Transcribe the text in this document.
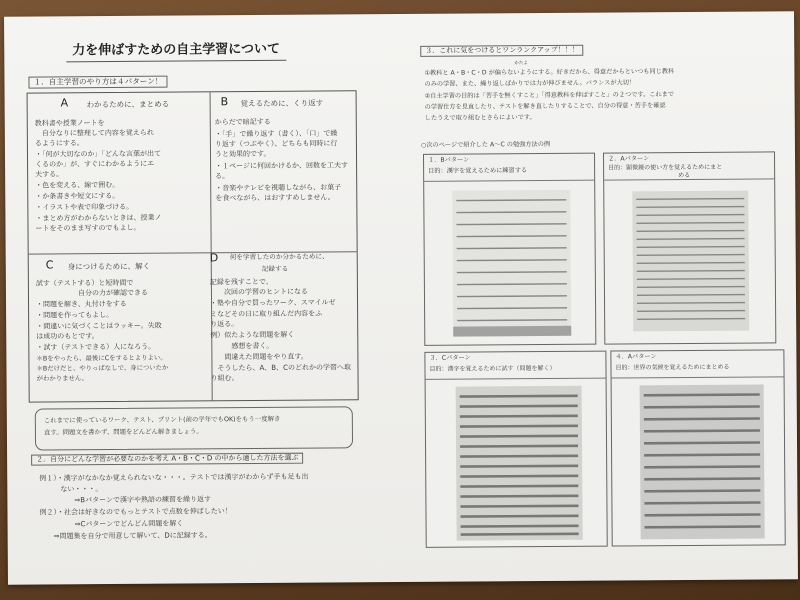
力を伸ばすための自主学習について
１．自主学習のやり方は４パターン！
A わかるために、まとめる
教科書や授業ノートを
　自分なりに整理して内容を覚えられ
るようにする。
・「何が大切なのか」「どんな言葉が出て
くるのか」が、すぐにわかるようにエ
夫する。
・色を変える、線で囲む。
・か条書きや短文にする。
・イラストや表で印象づける。
・まとめ方がわからないときは、授業ノ
ートをそのまま写すのでもよし。
B 覚えるために、くり返す
からだで暗記する
・「手」で繰り返す（書く）、「口」で繰
り返す（つぶやく）、どちらも同時に行
うと効果的です。
・１ページに何回かけるか、回数を工夫す
る。
・音楽やテレビを視聴しながら、お菓子
を食べながら、はおすすめしません。
C 身につけるために、解く
試す（テストする）と短時間で
　　　　　　自分の力が確認できる
・問題を解き、丸付けをする
・問題を作ってもよし。
・間違いに気づくことはラッキー。失敗
は成功のもとです。
・試す（テストできる）人になろう。
＊Bをやったら、最後にCをするとよりよい。
＊Bだけだと、やりっぱなしで、身についたか
がわかりません。
D 何を学習したのか分かるために、
記録する
記録を残すことで、
　　次回の学習のヒントになる
・塾や自分で買ったワーク、スマイルゼ
ミなどその日に取り組んだ内容をふ
り返る。
例）似たような問題を解く
　　　感想を書く。
　　間違えた問題をやり直す。
　そうしたら、A、B、Cのどれかの学習へ取
り組む。
これまでに使っているワーク、テスト、プリント(前の学年でもOK)をもう一度解き
直す。問題文を書かず、問題をどんどん解きましょう。
２．自分にどんな学習が必要なのかを考え A・B・C・D の中から適した方法を選ぶ
例１）・漢字がなかなか覚えられないな・・・。テストでは漢字がわからず手も足も出
　　　ない・・・。
　　　　　⇒Bパターンで漢字や熟語の練習を繰り返す
例２）・社会は好きなのでもっとテストで点数を伸ばしたい！
　　　　　⇒Cパターンでどんどん問題を解く
　　⇒問題集を自分で用意して解いて、Dに記録する。
３．これに気をつけるとワンランクアップ！！！
かたよ
①教科と A・B・C・D が偏らないようにする。好きだから、得意だからといつも同じ教科
のみの学習、また、繰り返しばかりでは力が伸びません。バランスが大切！
②自主学習の目的は「苦手を無くすこと」「得意教科を伸ばすこと」の２つです。これまで
の学習仕方を見直したり、テストを解き直したりすることで、自分の得意・苦手を確認
したうえで取り組むとさらによいです。
○次のページで紹介した A～C の勉強方法の例
１．Bパターン
目的：漢字を覚えるために練習する
２．Aパターン
目的：顕微鏡の使い方を覚えるためにまと
める
３．Cパターン
目的：漢字を覚えるために試す（問題を解く）
４．Aパターン
目的：世界の気候を覚えるためにまとめる
